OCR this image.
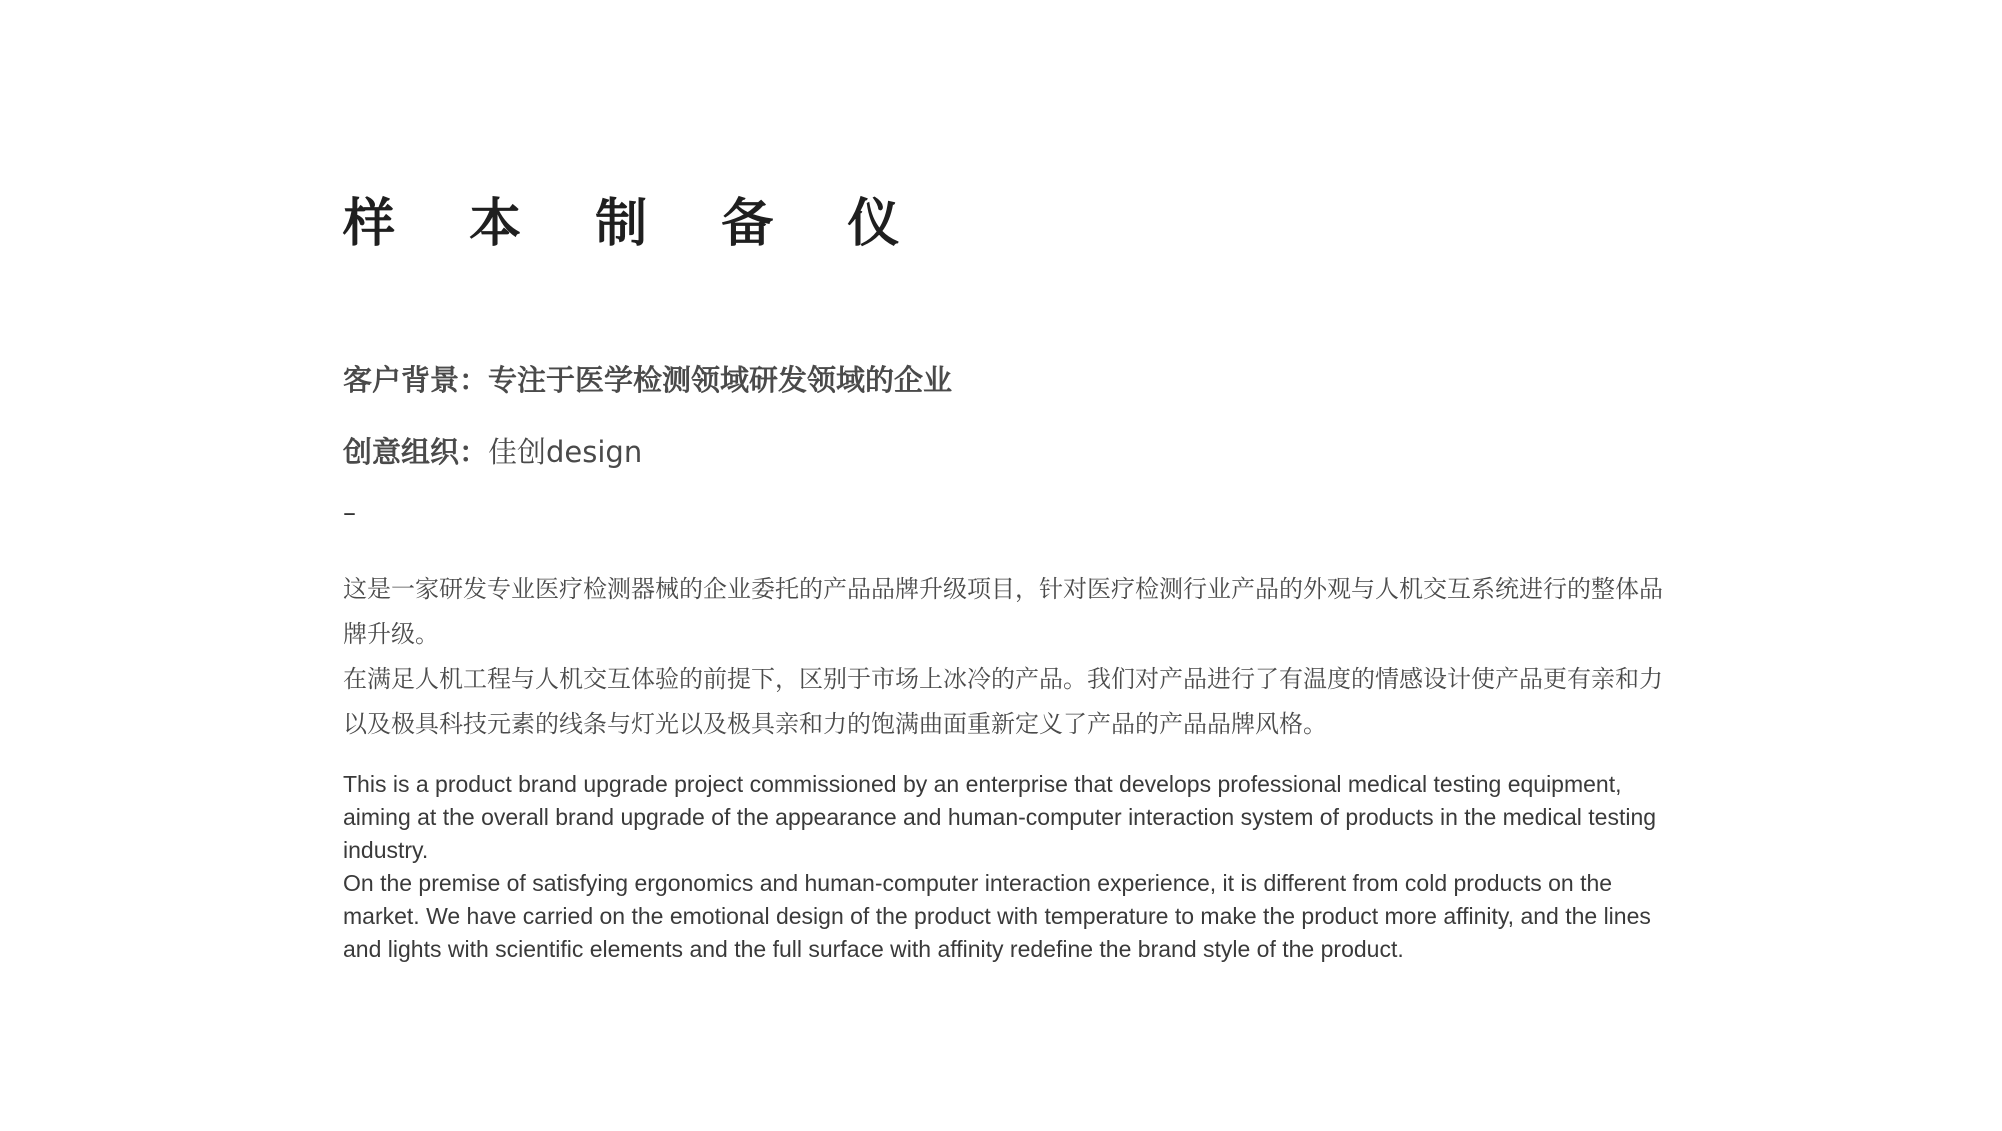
样 本 制 备 仪

客户背景：专注于医学检测领域研发领域的企业

创意组织：佳创design

–

这是一家研发专业医疗检测器械的企业委托的产品品牌升级项目，针对医疗检测行业产品的外观与人机交互系统进行的整体品牌升级。

在满足人机工程与人机交互体验的前提下，区别于市场上冰冷的产品。我们对产品进行了有温度的情感设计使产品更有亲和力以及极具科技元素的线条与灯光以及极具亲和力的饱满曲面重新定义了产品的产品品牌风格。

This is a product brand upgrade project commissioned by an enterprise that develops professional medical testing equipment, aiming at the overall brand upgrade of the appearance and human-computer interaction system of products in the medical testing industry.

On the premise of satisfying ergonomics and human-computer interaction experience, it is different from cold products on the market. We have carried on the emotional design of the product with temperature to make the product more affinity, and the lines and lights with scientific elements and the full surface with affinity redefine the brand style of the product.
